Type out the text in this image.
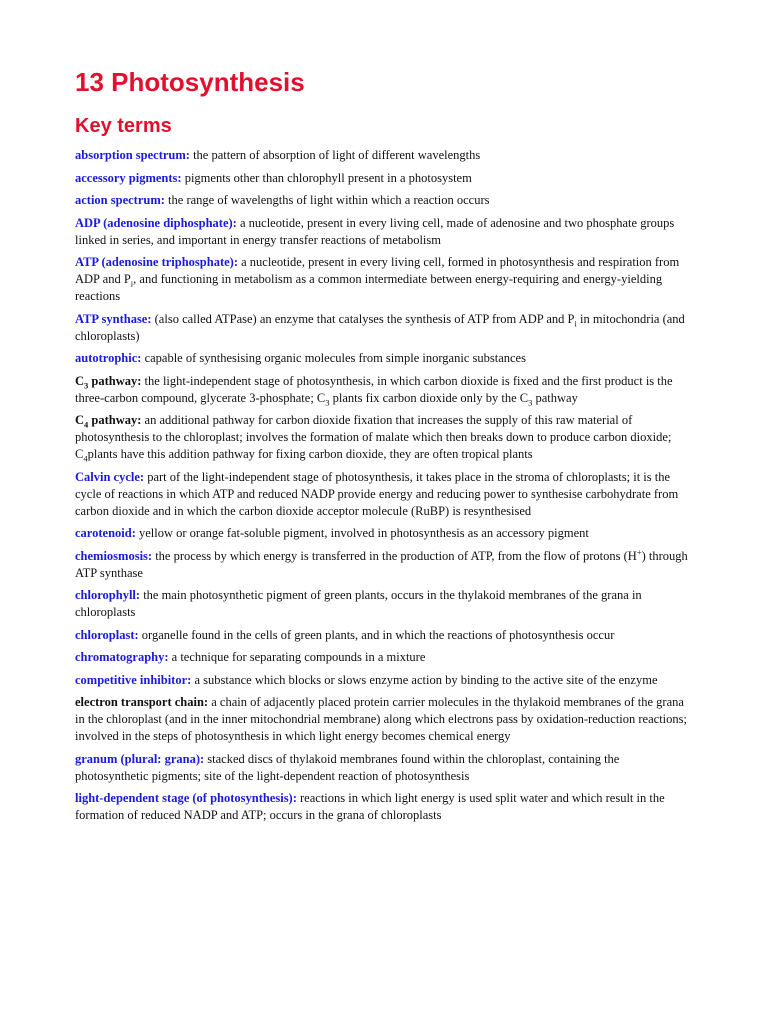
13 Photosynthesis
Key terms

absorption spectrum: the pattern of absorption of light of different wavelengths

accessory pigments: pigments other than chlorophyll present in a photosystem

action spectrum: the range of wavelengths of light within which a reaction occurs

ADP (adenosine diphosphate): a nucleotide, present in every living cell, made of adenosine and two phosphate groups linked in series, and important in energy transfer reactions of metabolism

ATP (adenosine triphosphate): a nucleotide, present in every living cell, formed in photosynthesis and respiration from ADP and $P_i$, and functioning in metabolism as a common intermediate between energy-requiring and energy-yielding reactions

ATP synthase: (also called ATPase) an enzyme that catalyses the synthesis of ATP from ADP and $P_i$ in mitochondria (and chloroplasts)

autotrophic: capable of synthesising organic molecules from simple inorganic substances

$C_3$ pathway: the light-independent stage of photosynthesis, in which carbon dioxide is fixed and the first product is the three-carbon compound, glycerate 3-phosphate; $C_3$ plants fix carbon dioxide only by the $C_3$ pathway

$C_4$ pathway: an additional pathway for carbon dioxide fixation that increases the supply of this raw material of photosynthesis to the chloroplast; involves the formation of malate which then breaks down to produce carbon dioxide; $C_4plants$ have this addition pathway for fixing carbon dioxide, they are often tropical plants

Calvin cycle: part of the light-independent stage of photosynthesis, it takes place in the stroma of chloroplasts; it is the cycle of reactions in which ATP and reduced NADP provide energy and reducing power to synthesise carbohydrate from carbon dioxide and in which the carbon dioxide acceptor molecule (RuBP) is resynthesised

carotenoid: yellow or orange fat-soluble pigment, involved in photosynthesis as an accessory pigment

chemiosmosis: the process by which energy is transferred in the production of ATP, from the flow of protons (H+) through ATP synthase

chlorophyll: the main photosynthetic pigment of green plants, occurs in the thylakoid membranes of the grana in chloroplasts

chloroplast: organelle found in the cells of green plants, and in which the reactions of photosynthesis occur

chromatography: a technique for separating compounds in a mixture

competitive inhibitor: a substance which blocks or slows enzyme action by binding to the active site of the enzyme

electron transport chain: a chain of adjacently placed protein carrier molecules in the thylakoid membranes of the grana in the chloroplast (and in the inner mitochondrial membrane) along which electrons pass by oxidation-reduction reactions; involved in the steps of photosynthesis in which light energy becomes chemical energy

granum (plural: grana): stacked discs of thylakoid membranes found within the chloroplast, containing the photosynthetic pigments; site of the light-dependent reaction of photosynthesis

light-dependent stage (of photosynthesis): reactions in which light energy is used split water and which result in the formation of reduced NADP and ATP; occurs in the grana of chloroplasts
